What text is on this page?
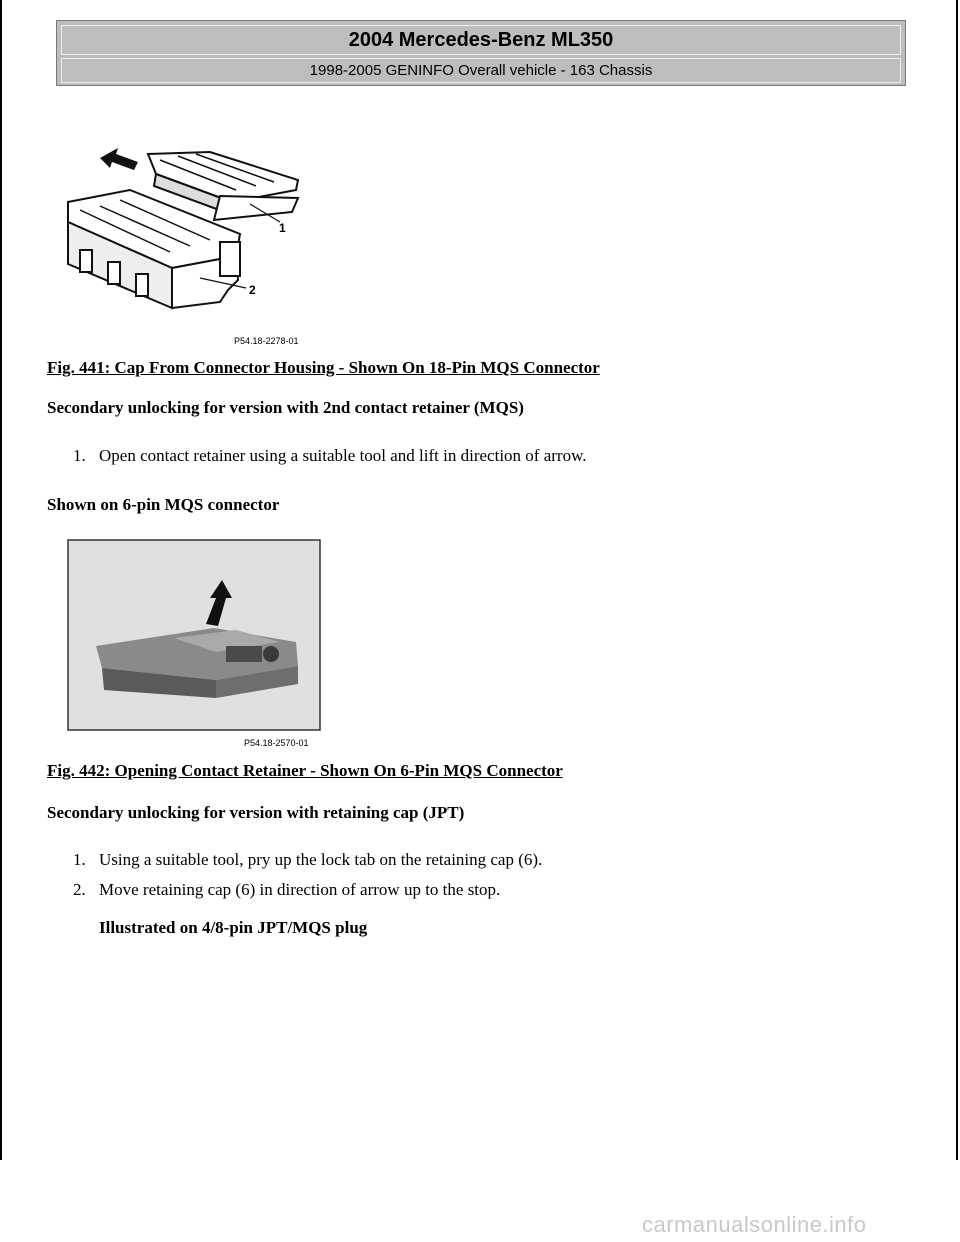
2004 Mercedes-Benz ML350
1998-2005 GENINFO Overall vehicle - 163 Chassis
1
2
P54.18-2278-01
Fig. 441: Cap From Connector Housing - Shown On 18-Pin MQS Connector
Secondary unlocking for version with 2nd contact retainer (MQS)
1. Open contact retainer using a suitable tool and lift in direction of arrow.
Shown on 6-pin MQS connector
P54.18-2570-01
Fig. 442: Opening Contact Retainer - Shown On 6-Pin MQS Connector
Secondary unlocking for version with retaining cap (JPT)
1. Using a suitable tool, pry up the lock tab on the retaining cap (6).
2. Move retaining cap (6) in direction of arrow up to the stop.
Illustrated on 4/8-pin JPT/MQS plug
carmanualsonline.info
